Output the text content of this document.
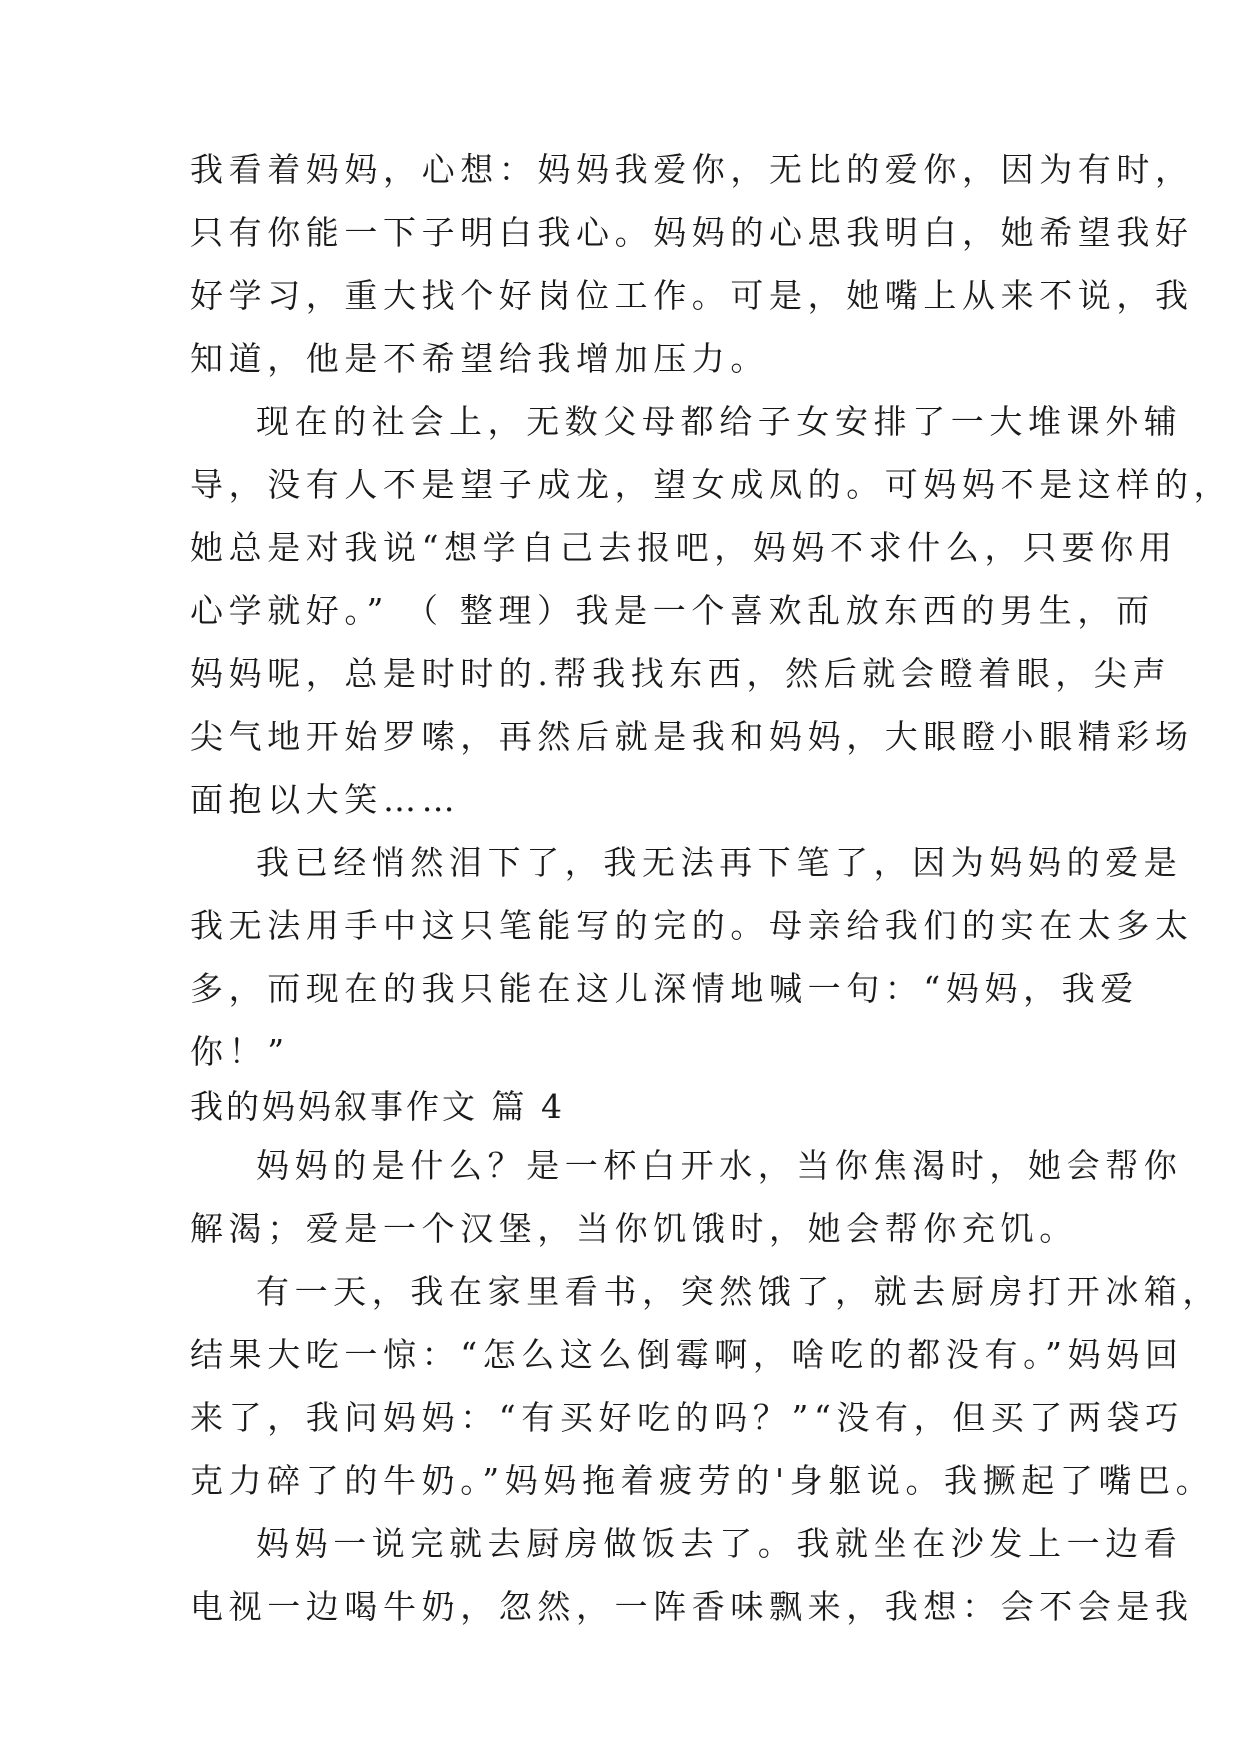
我看着妈妈，心想：妈妈我爱你，无比的爱你，因为有时，

只有你能一下子明白我心。妈妈的心思我明白，她希望我好

好学习，重大找个好岗位工作。可是，她嘴上从来不说，我

知道，他是不希望给我增加压力。

现在的社会上，无数父母都给子女安排了一大堆课外辅

导，没有人不是望子成龙，望女成凤的。可妈妈不是这样的，

她总是对我说“想学自己去报吧，妈妈不求什么，只要你用

心学就好。” （ 整理）我是一个喜欢乱放东西的男生，而

妈妈呢，总是时时的.帮我找东西，然后就会瞪着眼，尖声

尖气地开始罗嗦，再然后就是我和妈妈，大眼瞪小眼精彩场

面抱以大笑……

我已经悄然泪下了，我无法再下笔了，因为妈妈的爱是

我无法用手中这只笔能写的完的。母亲给我们的实在太多太

多，而现在的我只能在这儿深情地喊一句：“妈妈，我爱

你！”

我的妈妈叙事作文 篇 4

妈妈的是什么？是一杯白开水，当你焦渴时，她会帮你

解渴；爱是一个汉堡，当你饥饿时，她会帮你充饥。

有一天，我在家里看书，突然饿了，就去厨房打开冰箱，

结果大吃一惊：“怎么这么倒霉啊，啥吃的都没有。”妈妈回

来了，我问妈妈：“有买好吃的吗？”“没有，但买了两袋巧

克力碎了的牛奶。”妈妈拖着疲劳的'身躯说。我撅起了嘴巴。

妈妈一说完就去厨房做饭去了。我就坐在沙发上一边看

电视一边喝牛奶，忽然，一阵香味飘来，我想：会不会是我
